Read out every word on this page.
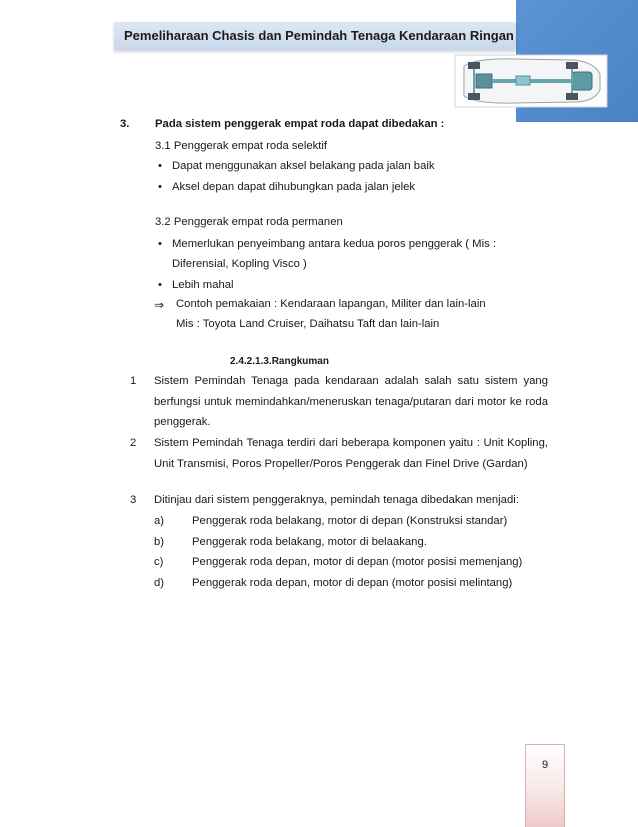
Pemeliharaan Chasis dan Pemindah Tenaga Kendaraan Ringan
3. Pada sistem penggerak empat roda dapat dibedakan :
3.1 Penggerak empat roda selektif
• Dapat menggunakan aksel belakang pada jalan baik
• Aksel depan dapat dihubungkan pada jalan jelek
3.2 Penggerak empat roda permanen
• Memerlukan penyeimbang antara kedua poros penggerak ( Mis :
Diferensial, Kopling Visco )
• Lebih mahal
⇒ Contoh pemakaian : Kendaraan lapangan, Militer dan lain-lain
Mis : Toyota Land Cruiser, Daihatsu Taft dan lain-lain
2.4.2.1.3.Rangkuman
1 Sistem Pemindah Tenaga pada kendaraan adalah salah satu sistem yang berfungsi untuk memindahkan/meneruskan tenaga/putaran dari motor ke roda penggerak.
2 Sistem Pemindah Tenaga terdiri dari beberapa komponen yaitu : Unit Kopling, Unit Transmisi, Poros Propeller/Poros Penggerak dan Finel Drive (Gardan)
3 Ditinjau dari sistem penggeraknya, pemindah tenaga dibedakan menjadi:
a) Penggerak roda belakang, motor di depan (Konstruksi standar)
b) Penggerak roda belakang, motor di belaakang.
c)	Penggerak roda depan, motor di depan (motor posisi memenjang)
d) Penggerak roda depan, motor di depan (motor posisi melintang)
9
